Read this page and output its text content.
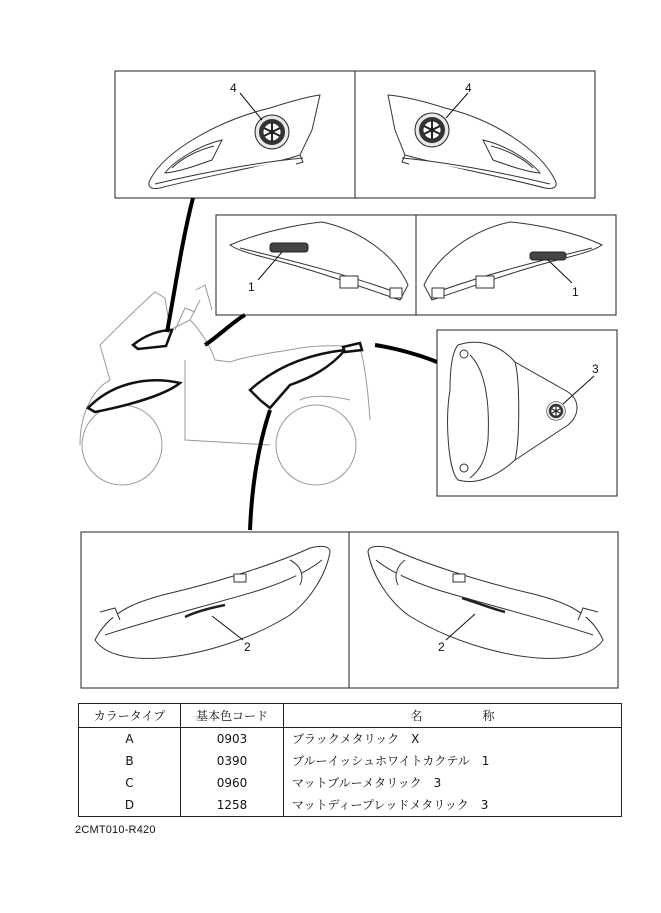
4	4
1	1
3
2	2
カラータイプ	基本色コード	名 称
A	0903	ブラックメタリック　X
B	0390	ブルーイッシュホワイトカクテル　1
C	0960	マットブルーメタリック　3
D	1258	マットディープレッドメタリック　3
2CMT010-R420
